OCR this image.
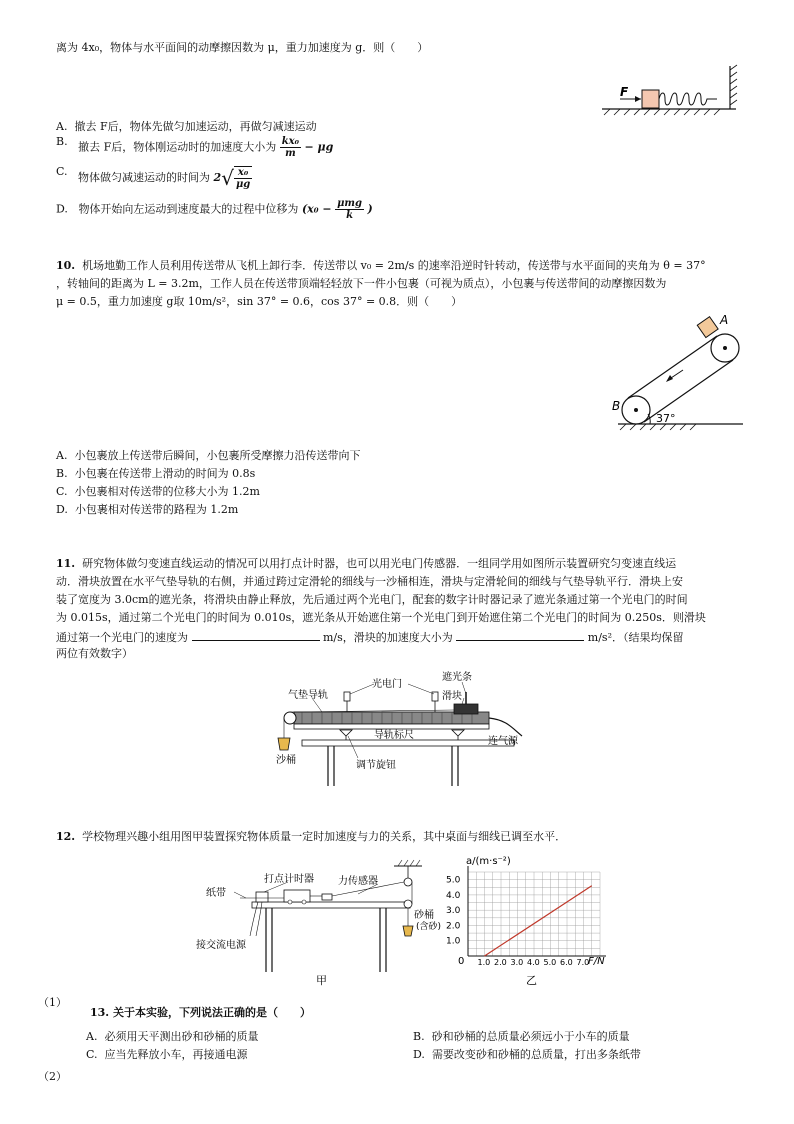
离为 4x₀，物体与水平面间的动摩擦因数为 μ，重力加速度为 g．则（　　）
F
A. 撤去 F后，物体先做匀加速运动，再做匀减速运动
B. 撤去 F后，物体刚运动时的加速度大小为 $\frac{\text{kx₀}}{m} - \mu g$
C. 物体做匀减速运动的时间为 $2√ \frac{\text{x₀}}{\mu g}$
D. 物体开始向左运动到速度最大的过程中位移为 ($x_0 - \frac{\text{μmg}}{k}$ )
10. 机场地勤工作人员利用传送带从飞机上卸行李．传送带以 v₀ = 2m/s 的速率沿逆时针转动，传送带与水平面间的夹角为 θ = 37°
，转轴间的距离为 L = 3.2m，工作人员在传送带顶端轻轻放下一件小包裹（可视为质点），小包裹与传送带间的动摩擦因数为
μ = 0.5，重力加速度 g取 10m/s²，sin 37° = 0.6，cos 37° = 0.8．则（　　）
A
B
37°
A. 小包裹放上传送带后瞬间，小包裹所受摩擦力沿传送带向下
B. 小包裹在传送带上滑动的时间为 0.8s
C. 小包裹相对传送带的位移大小为 1.2m
D. 小包裹相对传送带的路程为 1.2m
11. 研究物体做匀变速直线运动的情况可以用打点计时器，也可以用光电门传感器．一组同学用如图所示装置研究匀变速直线运
动．滑块放置在水平气垫导轨的右侧，并通过跨过定滑轮的细线与一沙桶相连，滑块与定滑轮间的细线与气垫导轨平行．滑块上安
装了宽度为 3.0cm的遮光条，将滑块由静止释放，先后通过两个光电门，配套的数字计时器记录了遮光条通过第一个光电门的时间
为 0.015s，通过第二个光电门的时间为 0.010s，遮光条从开始遮住第一个光电门到开始遮住第二个光电门的时间为 0.250s．则滑块
通过第一个光电门的速度为	m/s，滑块的加速度大小为	m/s²．（结果均保留
两位有效数字）
气垫导轨
光电门
遮光条
滑块
导轨标尺
连气源
沙桶	调节旋钮
12. 学校物理兴趣小组用图甲装置探究物体质量一定时加速度与力的关系，其中桌面与细线已调至水平．
打点计时器 力传感器
纸带
砂桶
(含砂)
接交流电源
甲
1.0 2.0 3.0 4.0 5.0 6.0 7.0
1.0
2.0
3.0
4.0
5.0
a/(m·s⁻²)
F/N
0
乙
（1）
13. 关于本实验，下列说法正确的是（　　）
A. 必须用天平测出砂和砂桶的质量	B. 砂和砂桶的总质量必须远小于小车的质量
C. 应当先释放小车，再接通电源	D. 需要改变砂和砂桶的总质量，打出多条纸带
（2）
